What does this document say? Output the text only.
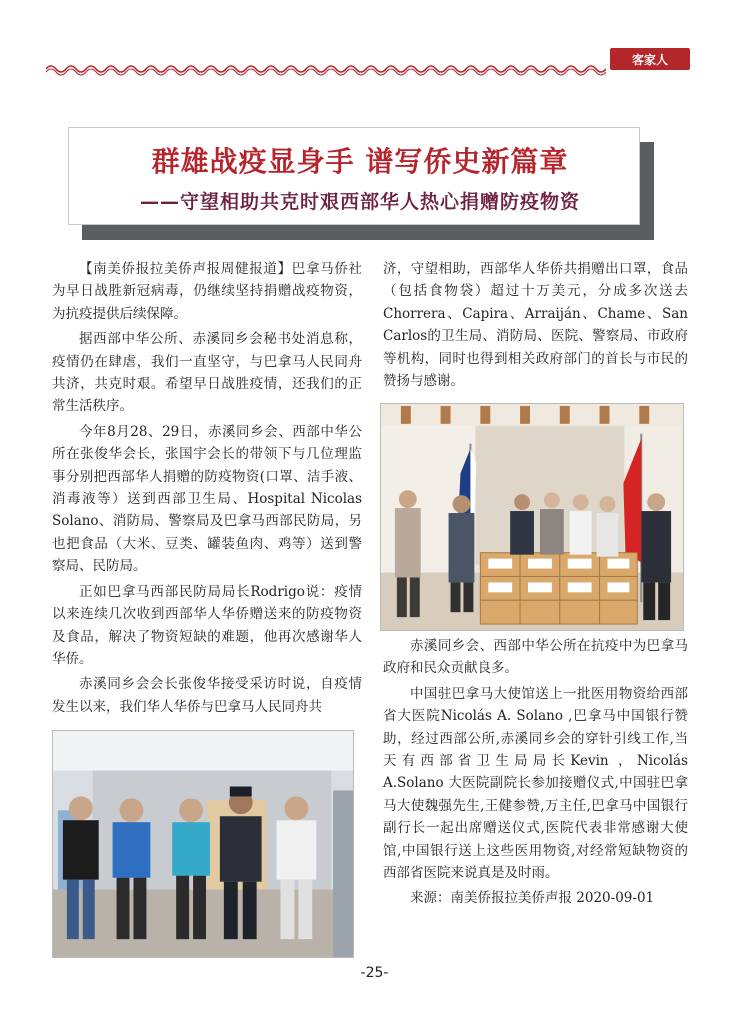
客家人
群雄战疫显身手 谱写侨史新篇章
——守望相助共克时艰西部华人热心捐赠防疫物资

【南美侨报拉美侨声报周健报道】巴拿马侨社为早日战胜新冠病毒，仍继续坚持捐赠战疫物资，为抗疫提供后续保障。

据西部中华公所、赤溪同乡会秘书处消息称，疫情仍在肆虐，我们一直坚守，与巴拿马人民同舟共济，共克时艰。希望早日战胜疫情，还我们的正常生活秩序。

今年8月28、29日，赤溪同乡会、西部中华公所在张俊华会长，张国宇会长的带领下与几位理监事分别把西部华人捐赠的防疫物资(口罩、洁手液、消毒液等）送到西部卫生局、Hospital Nicolas Solano、消防局、警察局及巴拿马西部民防局，另也把食品（大米、豆类、罐装鱼肉、鸡等）送到警察局、民防局。

正如巴拿马西部民防局局长Rodrigo说：疫情以来连续几次收到西部华人华侨赠送来的防疫物资及食品，解决了物资短缺的难题，他再次感谢华人华侨。

赤溪同乡会会长张俊华接受采访时说，自疫情发生以来，我们华人华侨与巴拿马人民同舟共

济，守望相助，西部华人华侨共捐赠出口罩，食品（包括食物袋）超过十万美元，分成多次送去Chorrera、Capira、Arraiján、Chame、San Carlos的卫生局、消防局、医院、警察局、市政府等机构，同时也得到相关政府部门的首长与市民的赞扬与感谢。

赤溪同乡会、西部中华公所在抗疫中为巴拿马政府和民众贡献良多。

中国驻巴拿马大使馆送上一批医用物资给西部省大医院Nicolás A. Solano ,巴拿马中国银行赞助，经过西部公所,赤溪同乡会的穿针引线工作,当天有西部省卫生局局长Kevin ，Nicolás A.Solano 大医院副院长参加接赠仪式,中国驻巴拿马大使魏强先生,王健参赞,万主任,巴拿马中国银行副行长一起出席赠送仪式,医院代表非常感谢大使馆,中国银行送上这些医用物资,对经常短缺物资的西部省医院来说真是及时雨。

来源：南美侨报拉美侨声报 2020-09-01

-25-
